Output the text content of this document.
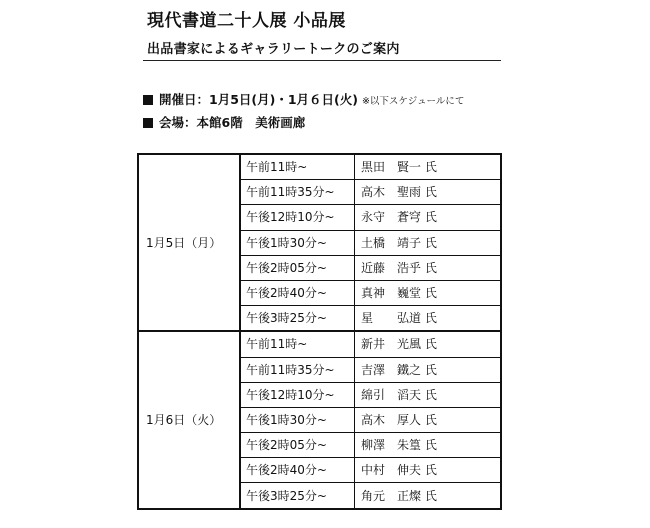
現代書道二十人展 小品展
出品書家によるギャラリートークのご案内
開催日：1月5日(月)・1月６日(火) ※以下スケジュールにて
会場：本館6階　美術画廊
1月5日（月）	午前11時~	黒田　賢一 氏
	午前11時35分~	高木　聖雨 氏
	午後12時10分~	永守　蒼穹 氏
	午後1時30分~	土橋　靖子 氏
	午後2時05分~	近藤　浩乎 氏
	午後2時40分~	真神　巍堂 氏
	午後3時25分~	星　　弘道 氏
1月6日（火）	午前11時~	新井　光風 氏
	午前11時35分~	吉澤　鐵之 氏
	午後12時10分~	綿引　滔天 氏
	午後1時30分~	高木　厚人 氏
	午後2時05分~	柳澤　朱篁 氏
	午後2時40分~	中村　伸夫 氏
	午後3時25分~	角元　正燦 氏
